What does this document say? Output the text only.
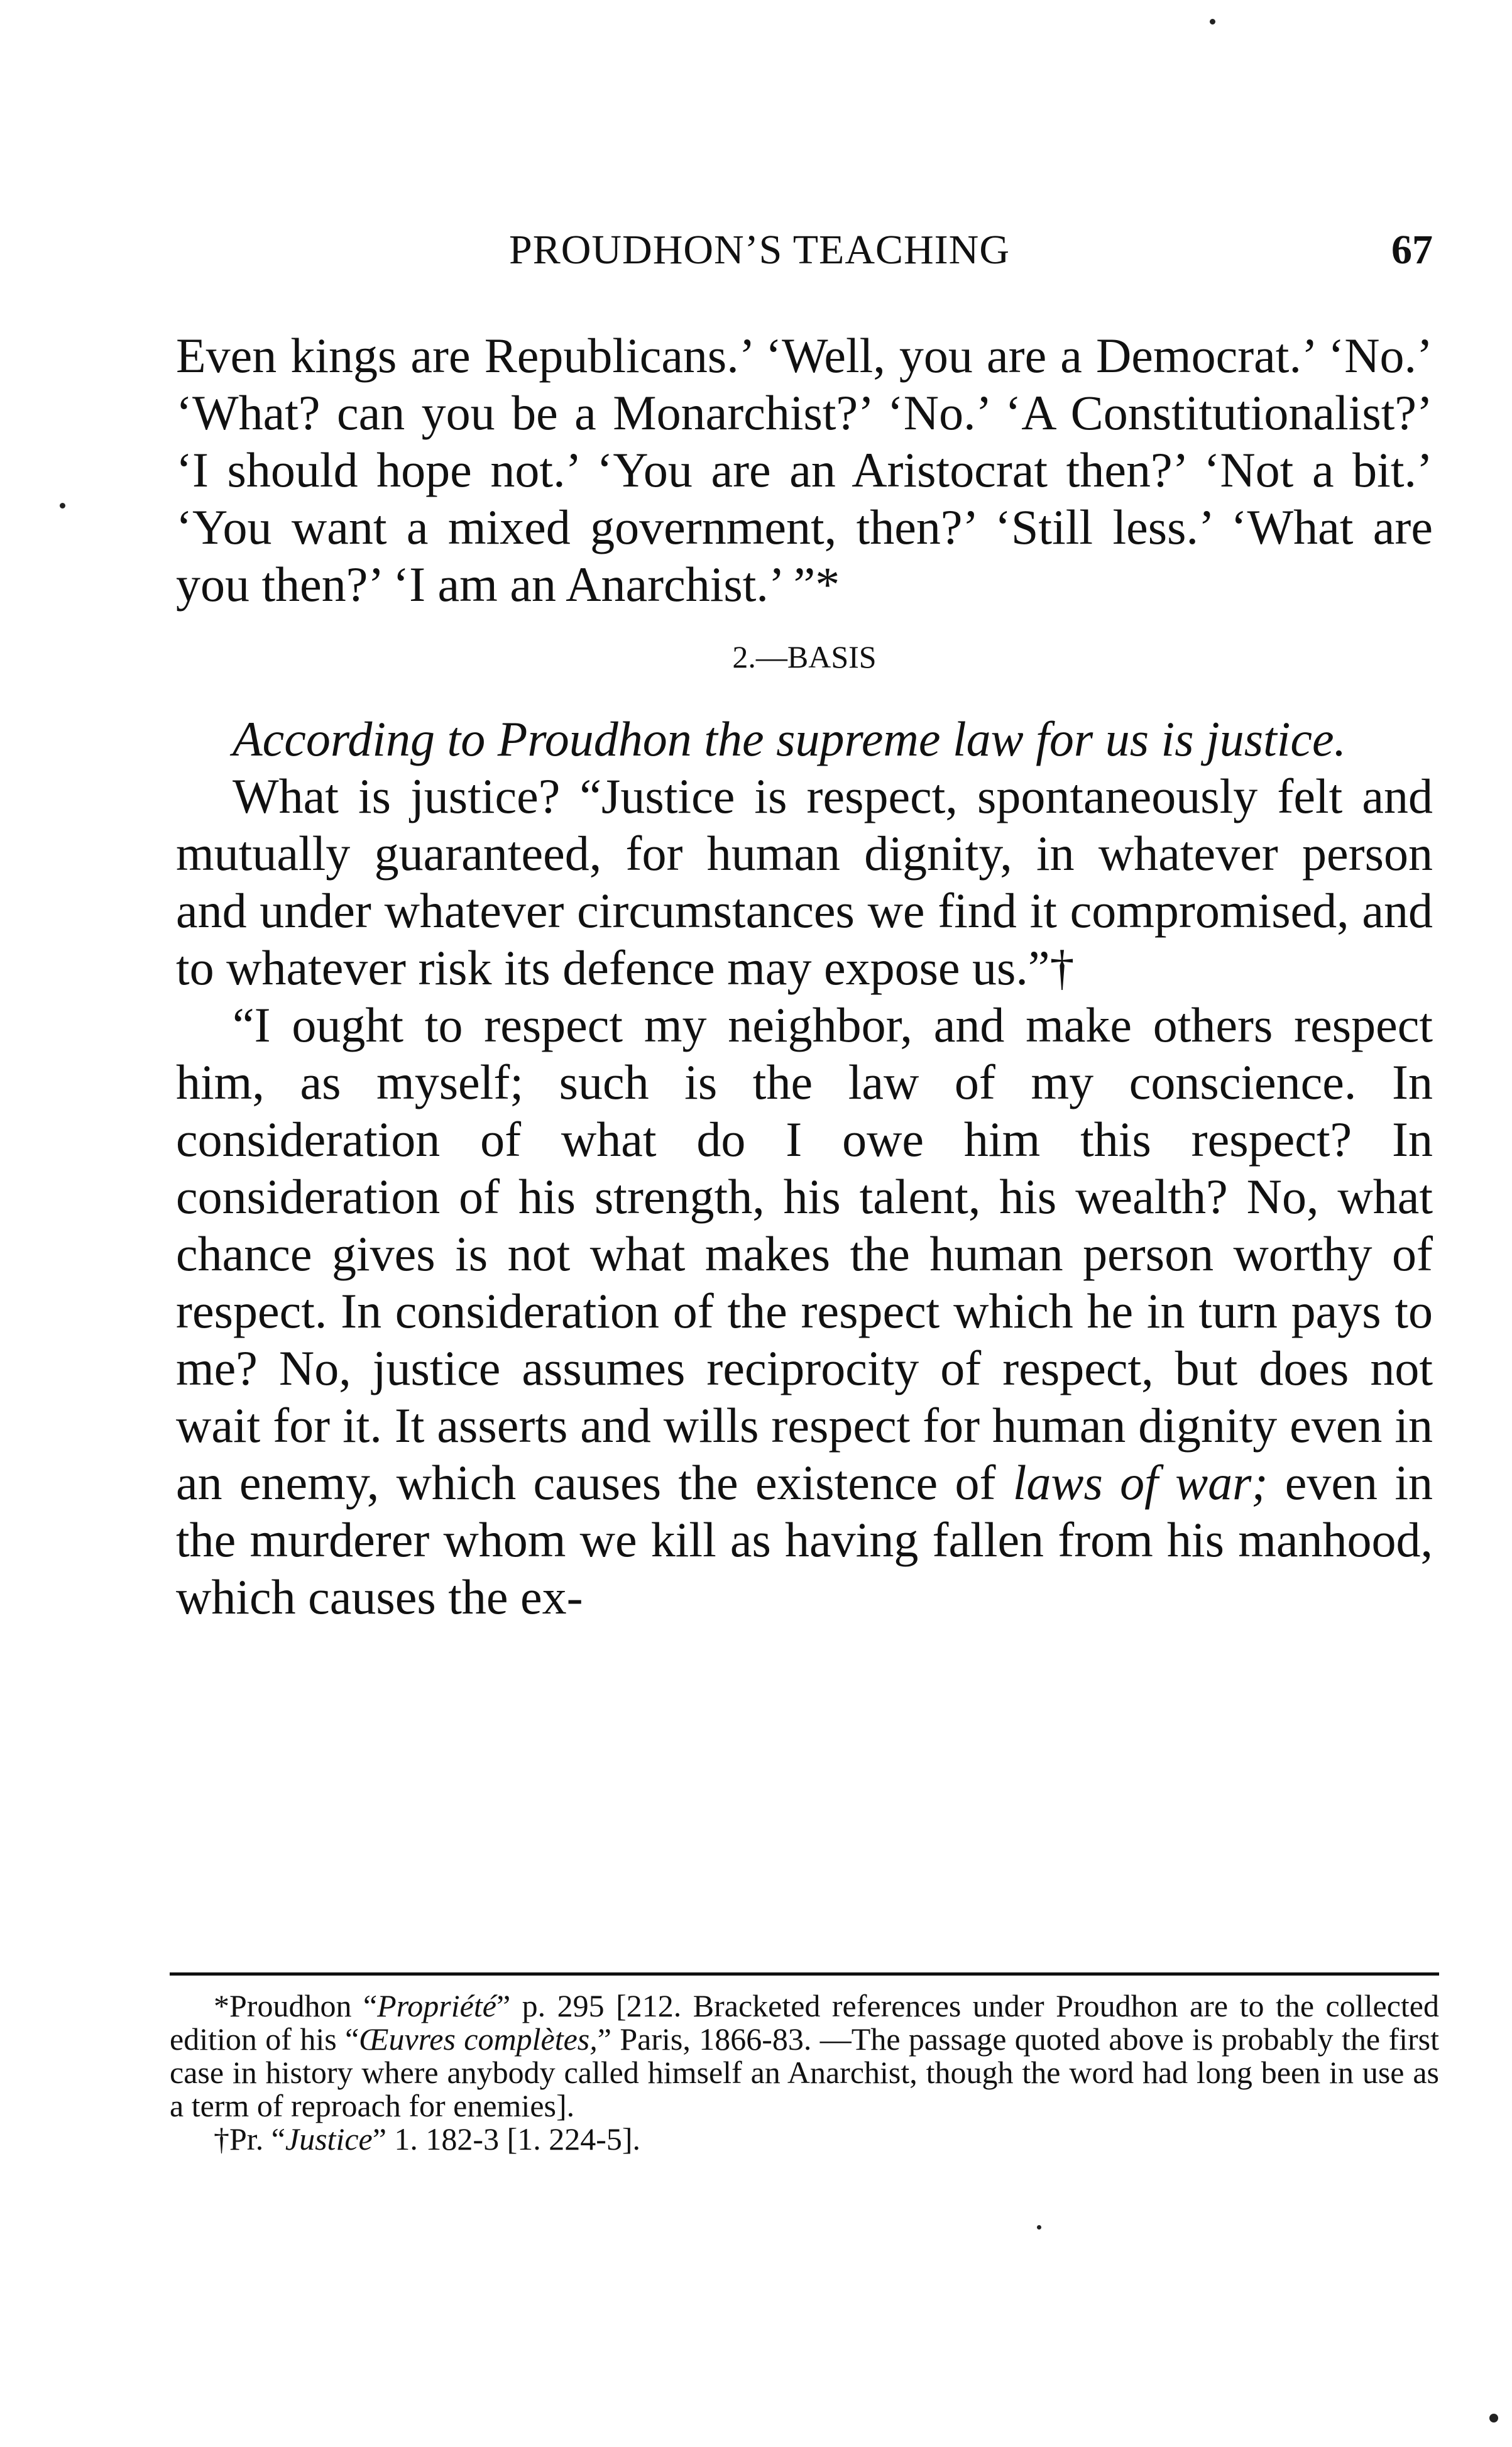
PROUDHON’S TEACHING	67

Even kings are Republicans.’ ‘Well, you are a Democrat.’ ‘No.’ ‘What? can you be a Monarchist?’ ‘No.’ ‘A Constitutionalist?’ ‘I should hope not.’ ‘You are an Aristocrat then?’ ‘Not a bit.’ ‘You want a mixed government, then?’ ‘Still less.’ ‘What are you then?’ ‘I am an Anarchist.’ ”*

2.—BASIS

According to Proudhon the supreme law for us is justice.

What is justice? “Justice is respect, spontaneously felt and mutually guaranteed, for human dignity, in whatever person and under whatever circumstances we find it compromised, and to whatever risk its defence may expose us.”†

“I ought to respect my neighbor, and make others respect him, as myself; such is the law of my conscience. In consideration of what do I owe him this respect? In consideration of his strength, his talent, his wealth? No, what chance gives is not what makes the human person worthy of respect. In consideration of the respect which he in turn pays to me? No, justice assumes reciprocity of respect, but does not wait for it. It asserts and wills respect for human dignity even in an enemy, which causes the existence of laws of war; even in the murderer whom we kill as having fallen from his manhood, which causes the ex-

*Proudhon “Propriété” p. 295 [212. Bracketed references under Proudhon are to the collected edition of his “Œuvres complètes,” Paris, 1866-83. —The passage quoted above is probably the first case in history where anybody called himself an Anarchist, though the word had long been in use as a term of reproach for enemies].

†Pr. “Justice” 1. 182-3 [1. 224-5].
